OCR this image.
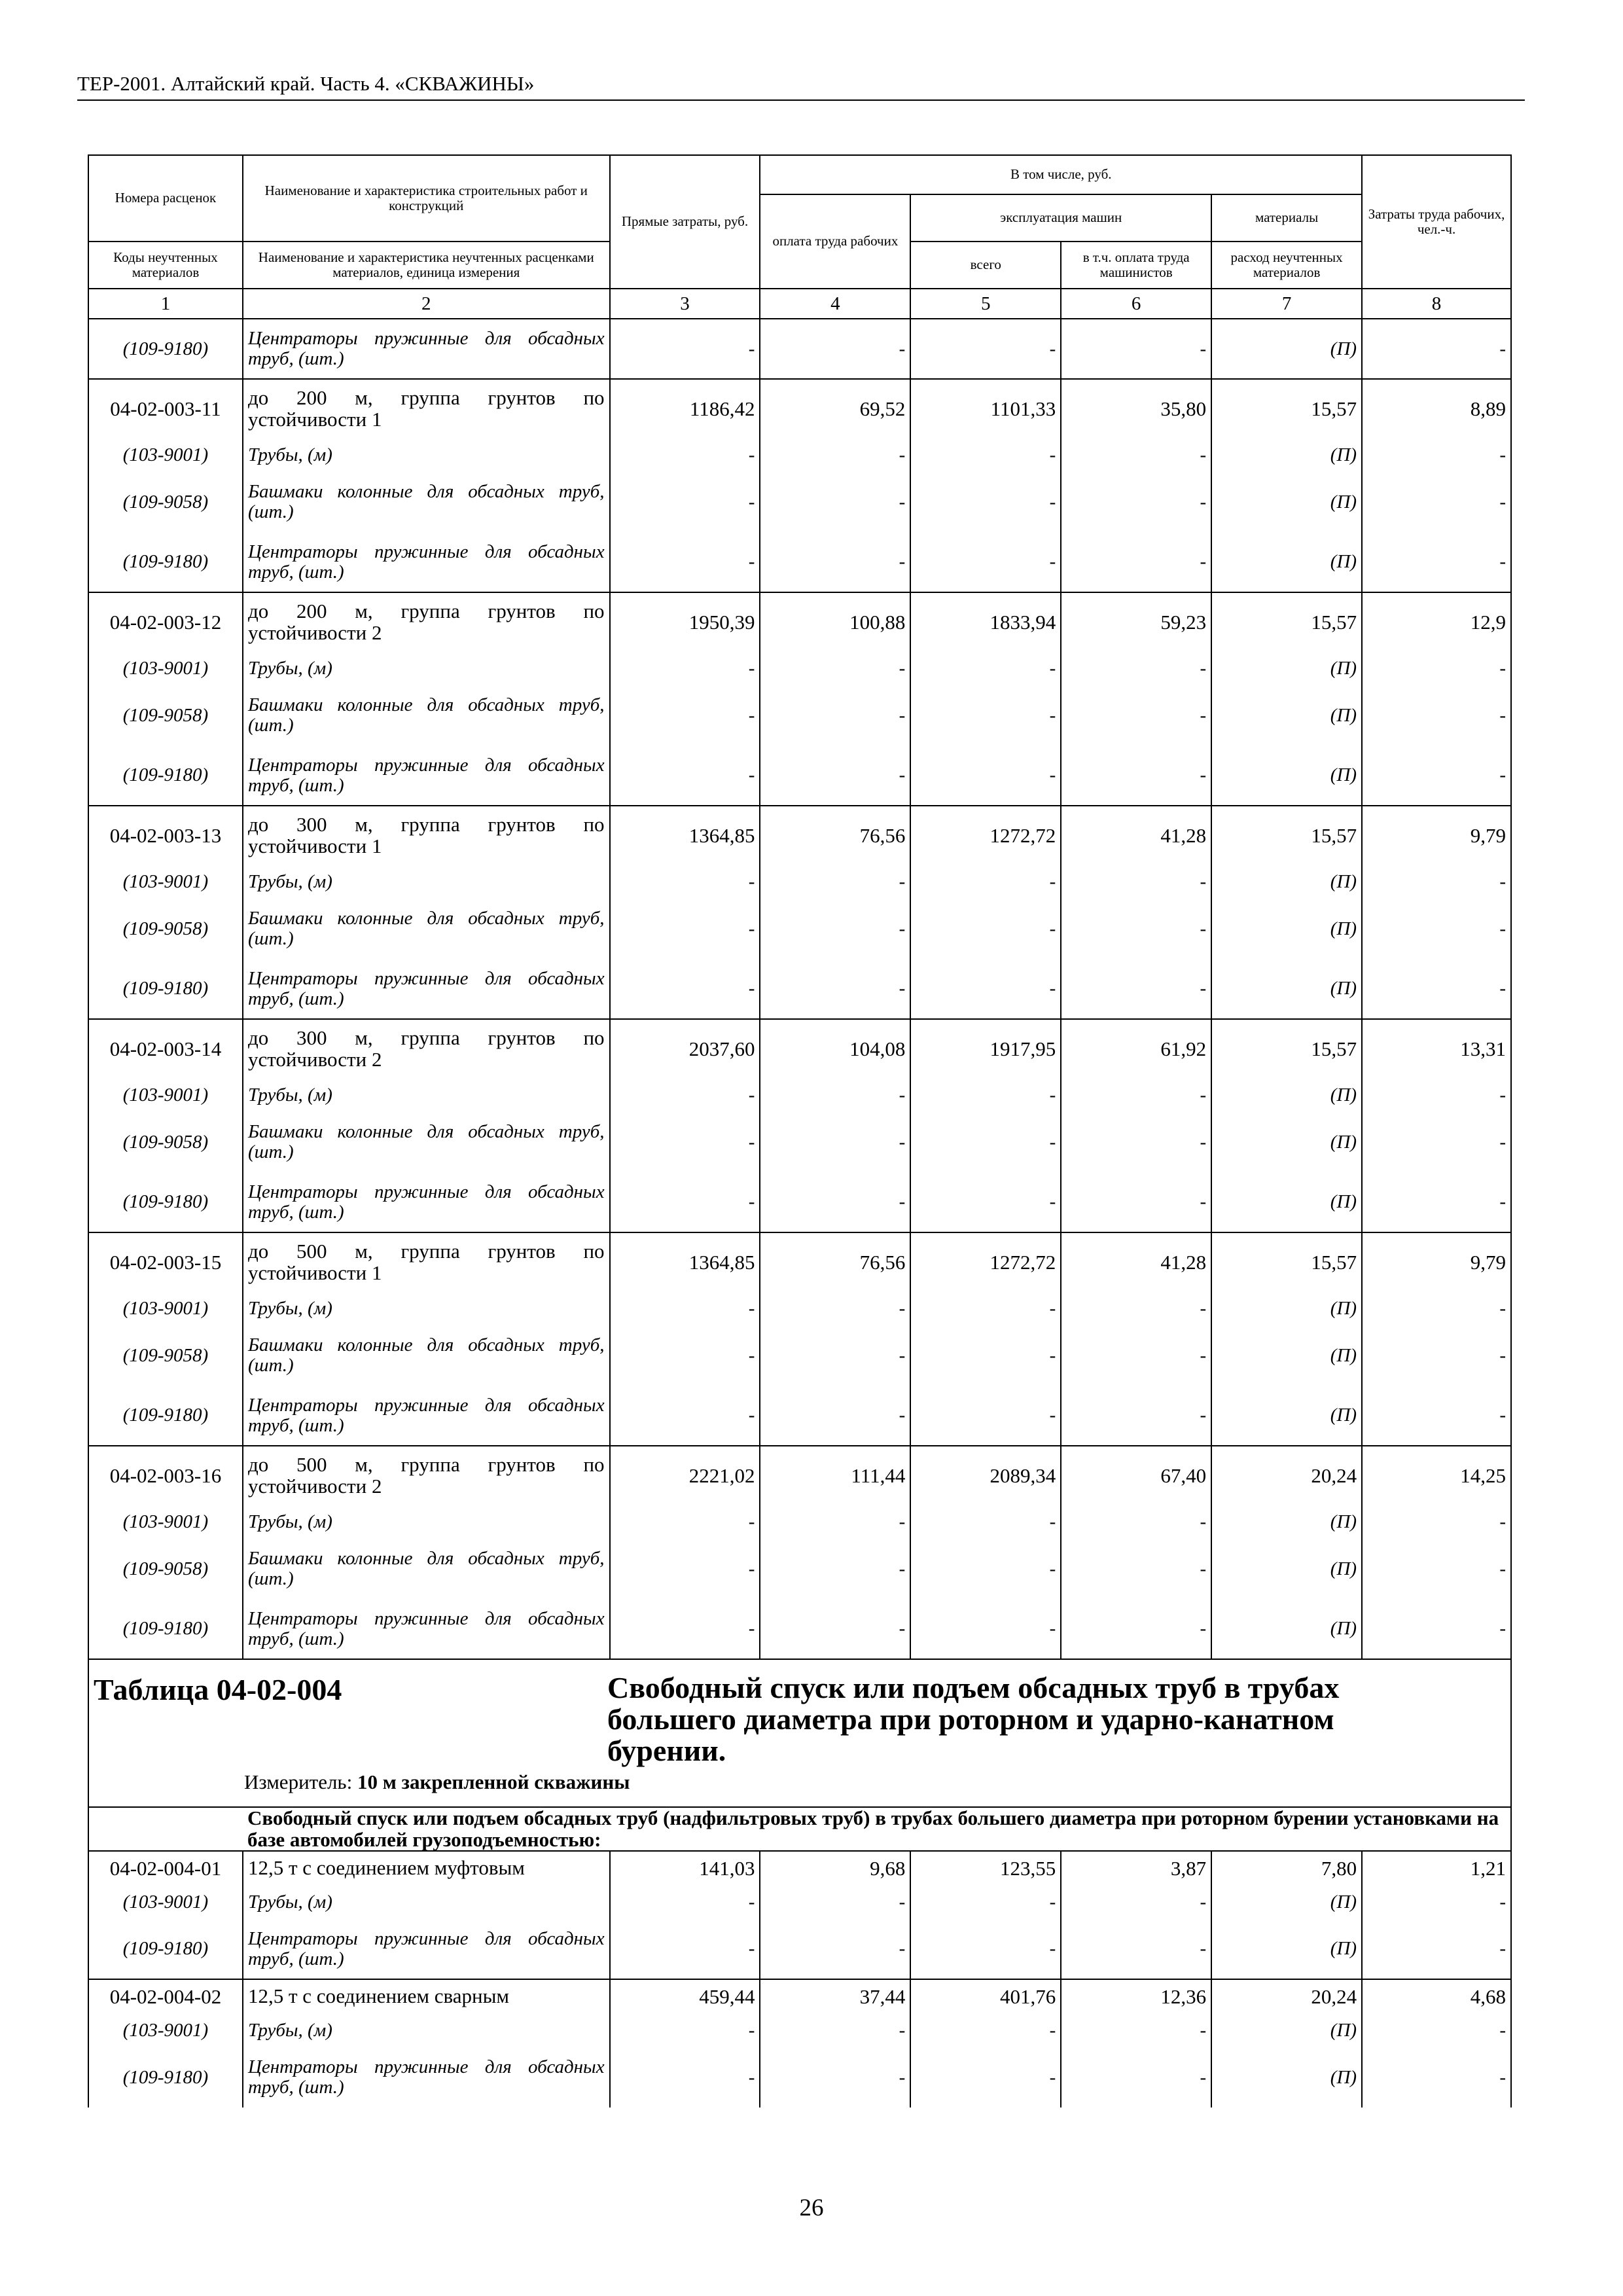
ТЕР-2001. Алтайский край. Часть 4. «СКВАЖИНЫ»
Номера расценок	Наименование и характеристика строительных работ и конструкций	Прямые затраты, руб.	В том числе, руб.				Затраты труда рабочих, чел.-ч.
			оплата труда рабочих	эксплуатация машин		материалы	
Коды неучтенных материалов	Наименование и характеристика неучтенных расценками материалов, единица измерения			всего	в т.ч. оплата труда машинистов	расход неучтенных материалов	

1	2	3	4	5	6	7	8
(109-9180)	Центраторы пружинные для обсадных труб, (шт.)	-	-	-	-	(П)	-
04-02-003-11	до 200 м, группа грунтов по устойчивости 1	1186,42	69,52	1101,33	35,80	15,57	8,89
(103-9001)	Трубы, (м)	-	-	-	-	(П)	-
(109-9058)	Башмаки колонные для обсадных труб, (шт.)	-	-	-	-	(П)	-
(109-9180)	Центраторы пружинные для обсадных труб, (шт.)	-	-	-	-	(П)	-
04-02-003-12	до 200 м, группа грунтов по устойчивости 2	1950,39	100,88	1833,94	59,23	15,57	12,9
(103-9001)	Трубы, (м)	-	-	-	-	(П)	-
(109-9058)	Башмаки колонные для обсадных труб, (шт.)	-	-	-	-	(П)	-
(109-9180)	Центраторы пружинные для обсадных труб, (шт.)	-	-	-	-	(П)	-
04-02-003-13	до 300 м, группа грунтов по устойчивости 1	1364,85	76,56	1272,72	41,28	15,57	9,79
(103-9001)	Трубы, (м)	-	-	-	-	(П)	-
(109-9058)	Башмаки колонные для обсадных труб, (шт.)	-	-	-	-	(П)	-
(109-9180)	Центраторы пружинные для обсадных труб, (шт.)	-	-	-	-	(П)	-
04-02-003-14	до 300 м, группа грунтов по устойчивости 2	2037,60	104,08	1917,95	61,92	15,57	13,31
(103-9001)	Трубы, (м)	-	-	-	-	(П)	-
(109-9058)	Башмаки колонные для обсадных труб, (шт.)	-	-	-	-	(П)	-
(109-9180)	Центраторы пружинные для обсадных труб, (шт.)	-	-	-	-	(П)	-
04-02-003-15	до 500 м, группа грунтов по устойчивости 1	1364,85	76,56	1272,72	41,28	15,57	9,79
(103-9001)	Трубы, (м)	-	-	-	-	(П)	-
(109-9058)	Башмаки колонные для обсадных труб, (шт.)	-	-	-	-	(П)	-
(109-9180)	Центраторы пружинные для обсадных труб, (шт.)	-	-	-	-	(П)	-
04-02-003-16	до 500 м, группа грунтов по устойчивости 2	2221,02	111,44	2089,34	67,40	20,24	14,25
(103-9001)	Трубы, (м)	-	-	-	-	(П)	-
(109-9058)	Башмаки колонные для обсадных труб, (шт.)	-	-	-	-	(П)	-
(109-9180)	Центраторы пружинные для обсадных труб, (шт.)	-	-	-	-	(П)	-

Таблица 04-02-004 Свободный спуск или подъем обсадных труб в трубах большего диаметра при роторном и ударно-канатном бурении.
Измеритель: 10 м закрепленной скважины							

	Свободный спуск или подъем обсадных труб (надфильтровых труб) в трубах большего диаметра при роторном бурении установками на базе автомобилей грузоподъемностью:						
04-02-004-01	12,5 т с соединением муфтовым	141,03	9,68	123,55	3,87	7,80	1,21
(103-9001)	Трубы, (м)	-	-	-	-	(П)	-
(109-9180)	Центраторы пружинные для обсадных труб, (шт.)	-	-	-	-	(П)	-
04-02-004-02	12,5 т с соединением сварным	459,44	37,44	401,76	12,36	20,24	4,68
(103-9001)	Трубы, (м)	-	-	-	-	(П)	-
(109-9180)	Центраторы пружинные для обсадных труб, (шт.)	-	-	-	-	(П)	-
26
